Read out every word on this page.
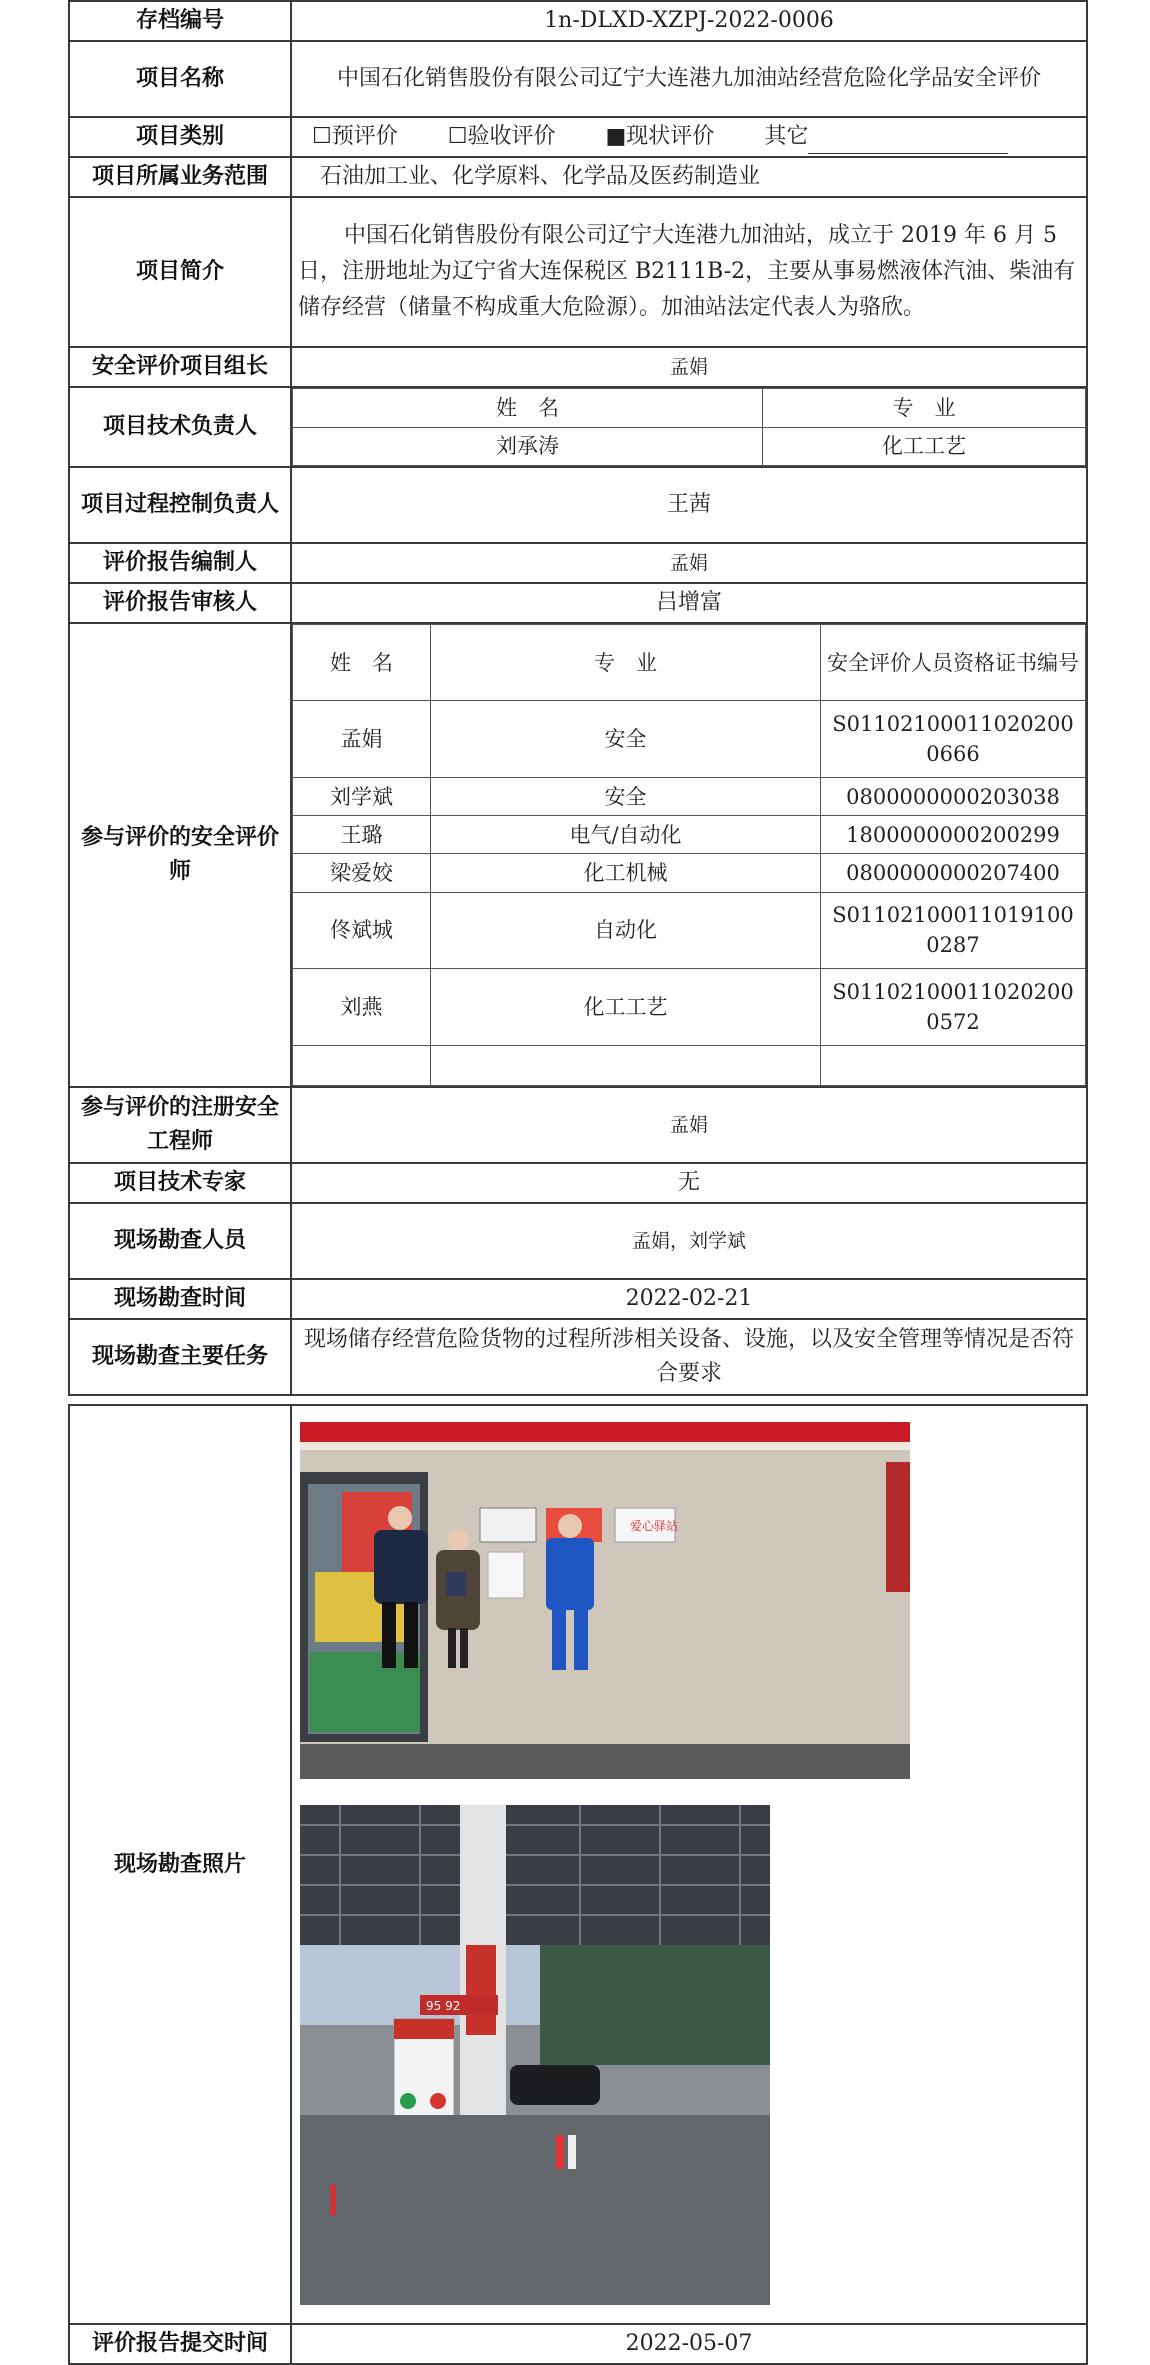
存档编号	1n-DLXD-XZPJ-2022-0006
项目名称	中国石化销售股份有限公司辽宁大连港九加油站经营危险化学品安全评价
项目类别	☐预评价 ☐验收评价 ■现状评价 其它
项目所属业务范围	石油加工业、化学原料、化学品及医药制造业
项目简介	中国石化销售股份有限公司辽宁大连港九加油站，成立于 2019 年 6 月 5 日，注册地址为辽宁省大连保税区 B2111B-2，主要从事易燃液体汽油、柴油有储存经营（储量不构成重大危险源）。加油站法定代表人为骆欣。
安全评价项目组长	孟娟
项目技术负责人	
姓　名	专　业
刘承涛	化工工艺

项目过程控制负责人	王茜
评价报告编制人	孟娟
评价报告审核人	吕增富
参与评价的安全评价师	
姓　名	专　业	安全评价人员资格证书编号
孟娟	安全	S011021000110202000666
刘学斌	安全	0800000000203038
王璐	电气/自动化	1800000000200299
梁爱姣	化工机械	0800000000207400
佟斌城	自动化	S011021000110191000287
刘燕	化工工艺	S011021000110202000572

参与评价的注册安全工程师	孟娟
项目技术专家	无
现场勘查人员	孟娟，刘学斌
现场勘查时间	2022-02-21
现场勘查主要任务	现场储存经营危险货物的过程所涉相关设备、设施，以及安全管理等情况是否符合要求
现场勘查照片	爱心驿站
95 92

评价报告提交时间	2022-05-07
